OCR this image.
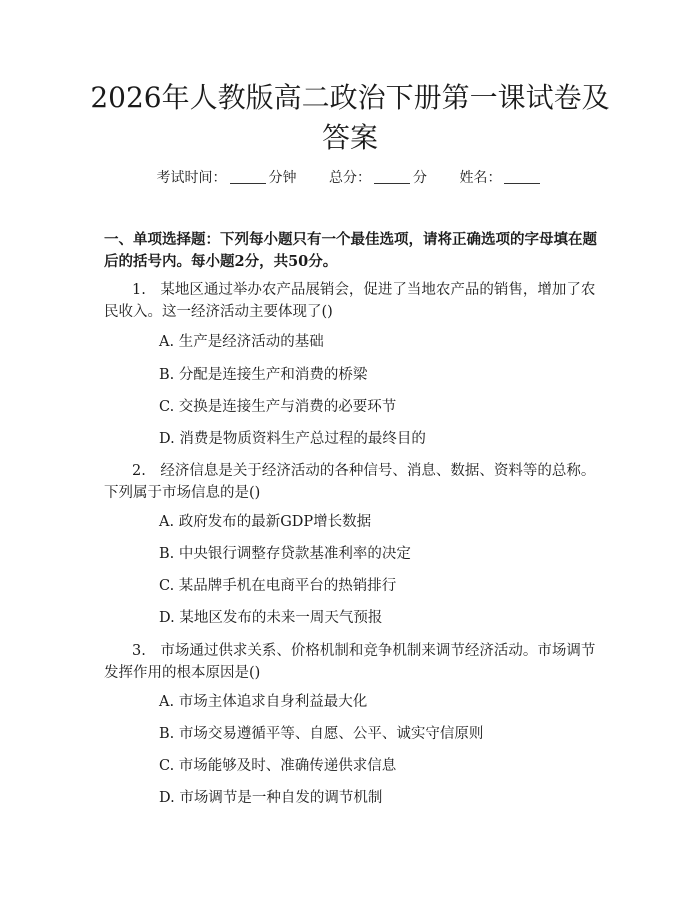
2026年人教版高二政治下册第一课试卷及答案
考试时间：	分钟 总分：	分 姓名：

一、单项选择题：下列每小题只有一个最佳选项，请将正确选项的字母填在题后的括号内。每小题2分，共50分。

1.　某地区通过举办农产品展销会，促进了当地农产品的销售，增加了农民收入。这一经济活动主要体现了()

A. 生产是经济活动的基础

B. 分配是连接生产和消费的桥梁

C. 交换是连接生产与消费的必要环节

D. 消费是物质资料生产总过程的最终目的

2.　经济信息是关于经济活动的各种信号、消息、数据、资料等的总称。下列属于市场信息的是()

A. 政府发布的最新GDP增长数据

B. 中央银行调整存贷款基准利率的决定

C. 某品牌手机在电商平台的热销排行

D. 某地区发布的未来一周天气预报

3.　市场通过供求关系、价格机制和竞争机制来调节经济活动。市场调节发挥作用的根本原因是()

A. 市场主体追求自身利益最大化

B. 市场交易遵循平等、自愿、公平、诚实守信原则

C. 市场能够及时、准确传递供求信息

D. 市场调节是一种自发的调节机制
